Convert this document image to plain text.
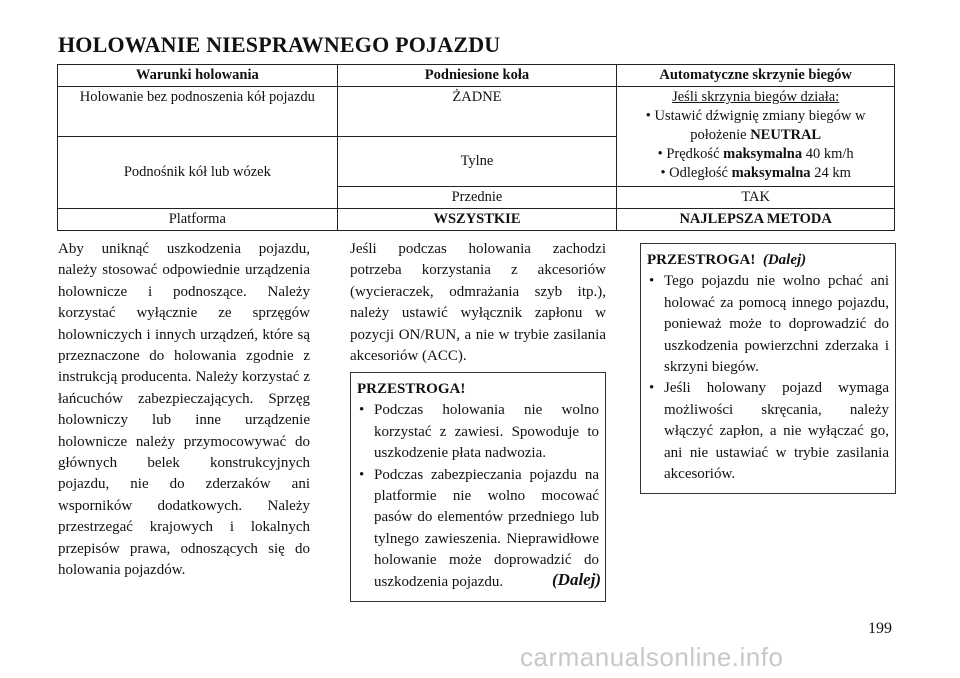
HOLOWANIE NIESPRAWNEGO POJAZDU
Warunki holowania	Podniesione koła	Automatyczne skrzynie biegów
Holowanie bez podnoszenia kół pojazdu	ŻADNE	Jeśli skrzynia biegów działa:
• Ustawić dźwignię zmiany biegów w położenie NEUTRAL
• Prędkość maksymalna 40 km/h
• Odległość maksymalna 24 km

Podnośnik kół lub wózek	Tylne	
	Przednie	TAK
Platforma	WSZYSTKIE	NAJLEPSZA METODA
Aby uniknąć uszkodzenia pojazdu, należy stosować odpowiednie urządzenia holownicze i podnoszące. Należy korzystać wyłącznie ze sprzęgów holowniczych i innych urządzeń, które są przeznaczone do holowania zgodnie z instrukcją producenta. Należy korzystać z łańcuchów zabezpieczających. Sprzęg holowniczy lub inne urządzenie holownicze należy przymocowywać do głównych belek konstrukcyjnych pojazdu, nie do zderzaków ani wsporników dodatkowych. Należy przestrzegać krajowych i lokalnych przepisów prawa, odnoszących się do holowania pojazdów.
Jeśli podczas holowania zachodzi potrzeba korzystania z akcesoriów (wycieraczek, odmrażania szyb itp.), należy ustawić wyłącznik zapłonu w pozycji ON/RUN, a nie w trybie zasilania akcesoriów (ACC).
PRZESTROGA!
• Podczas holowania nie wolno korzystać z zawiesi. Spowoduje to uszkodzenie płata nadwozia.
• Podczas zabezpieczania pojazdu na platformie nie wolno mocować pasów do elementów przedniego lub tylnego zawieszenia. Nieprawidłowe holowanie może doprowadzić do uszkodzenia pojazdu.	(Dalej)
PRZESTROGA! (Dalej)
• Tego pojazdu nie wolno pchać ani holować za pomocą innego pojazdu, ponieważ może to doprowadzić do uszkodzenia powierzchni zderzaka i skrzyni biegów.
• Jeśli holowany pojazd wymaga możliwości skręcania, należy włączyć zapłon, a nie wyłączać go, ani nie ustawiać w trybie zasilania akcesoriów.
199
carmanualsonline.info
